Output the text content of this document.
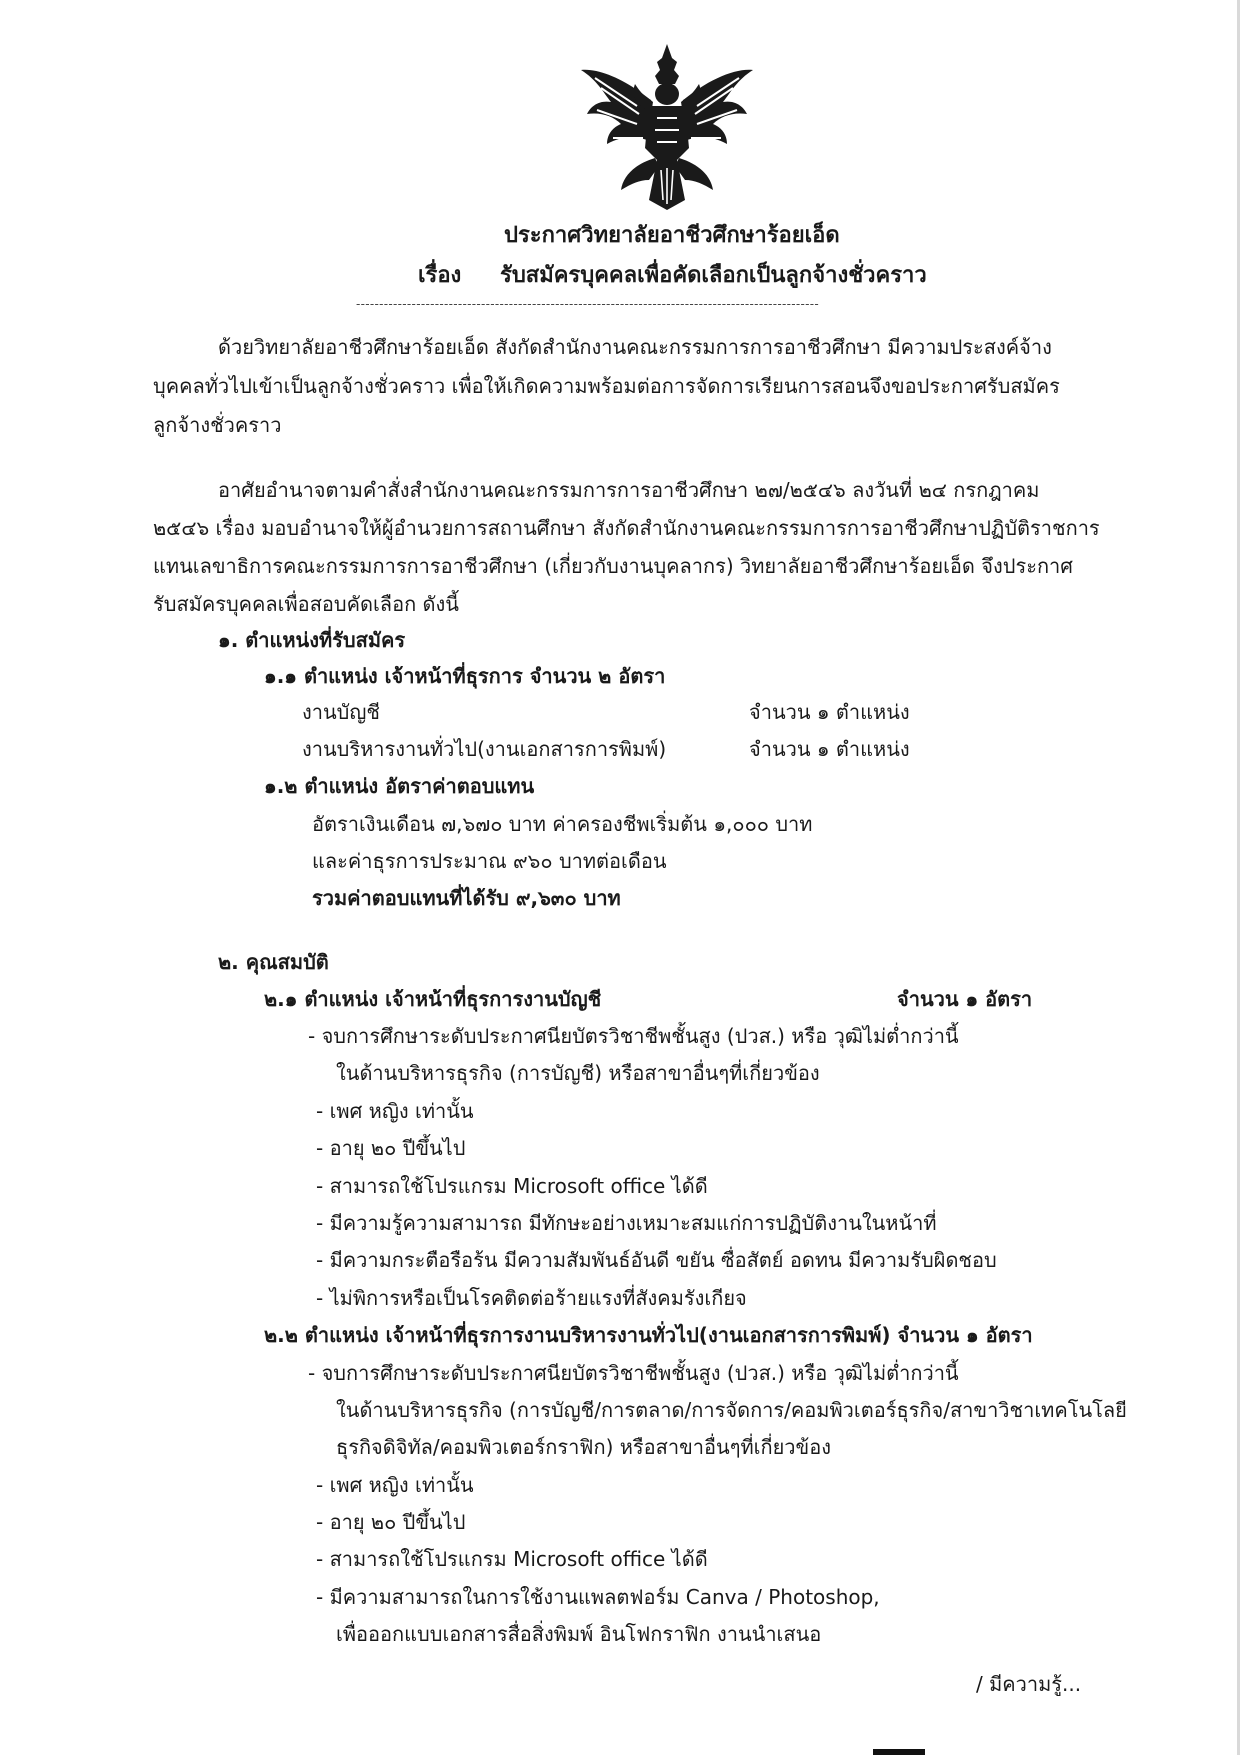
ประกาศวิทยาลัยอาชีวศึกษาร้อยเอ็ด
เรื่อง รับสมัครบุคคลเพื่อคัดเลือกเป็นลูกจ้างชั่วคราว
----------------------------------------------------------------------------------------------------
ด้วยวิทยาลัยอาชีวศึกษาร้อยเอ็ด สังกัดสำนักงานคณะกรรมการการอาชีวศึกษา มีความประสงค์จ้าง
บุคคลทั่วไปเข้าเป็นลูกจ้างชั่วคราว เพื่อให้เกิดความพร้อมต่อการจัดการเรียนการสอนจึงขอประกาศรับสมัคร
ลูกจ้างชั่วคราว
อาศัยอำนาจตามคำสั่งสำนักงานคณะกรรมการการอาชีวศึกษา ๒๗/๒๕๔๖ ลงวันที่ ๒๔ กรกฎาคม
๒๕๔๖ เรื่อง มอบอำนาจให้ผู้อำนวยการสถานศึกษา สังกัดสำนักงานคณะกรรมการการอาชีวศึกษาปฏิบัติราชการ
แทนเลขาธิการคณะกรรมการการอาชีวศึกษา (เกี่ยวกับงานบุคลากร) วิทยาลัยอาชีวศึกษาร้อยเอ็ด จึงประกาศ
รับสมัครบุคคลเพื่อสอบคัดเลือก ดังนี้
๑. ตำแหน่งที่รับสมัคร
๑.๑ ตำแหน่ง เจ้าหน้าที่ธุรการ จำนวน ๒ อัตรา
งานบัญชี	จำนวน ๑ ตำแหน่ง
งานบริหารงานทั่วไป(งานเอกสารการพิมพ์)	จำนวน ๑ ตำแหน่ง
๑.๒ ตำแหน่ง อัตราค่าตอบแทน
อัตราเงินเดือน ๗,๖๗๐ บาท ค่าครองชีพเริ่มต้น ๑,๐๐๐ บาท
และค่าธุรการประมาณ ๙๖๐ บาทต่อเดือน
รวมค่าตอบแทนที่ได้รับ ๙,๖๓๐ บาท
๒. คุณสมบัติ
๒.๑ ตำแหน่ง เจ้าหน้าที่ธุรการงานบัญชี	จำนวน ๑ อัตรา
- จบการศึกษาระดับประกาศนียบัตรวิชาชีพชั้นสูง (ปวส.) หรือ วุฒิไม่ต่ำกว่านี้
ในด้านบริหารธุรกิจ (การบัญชี) หรือสาขาอื่นๆที่เกี่ยวข้อง
- เพศ หญิง เท่านั้น
- อายุ ๒๐ ปีขึ้นไป
- สามารถใช้โปรแกรม Microsoft office ได้ดี
- มีความรู้ความสามารถ มีทักษะอย่างเหมาะสมแก่การปฏิบัติงานในหน้าที่
- มีความกระตือรือร้น มีความสัมพันธ์อันดี ขยัน ซื่อสัตย์ อดทน มีความรับผิดชอบ
- ไม่พิการหรือเป็นโรคติดต่อร้ายแรงที่สังคมรังเกียจ
๒.๒ ตำแหน่ง เจ้าหน้าที่ธุรการงานบริหารงานทั่วไป(งานเอกสารการพิมพ์) จำนวน ๑ อัตรา
- จบการศึกษาระดับประกาศนียบัตรวิชาชีพชั้นสูง (ปวส.) หรือ วุฒิไม่ต่ำกว่านี้
ในด้านบริหารธุรกิจ (การบัญชี/การตลาด/การจัดการ/คอมพิวเตอร์ธุรกิจ/สาขาวิชาเทคโนโลยี
ธุรกิจดิจิทัล/คอมพิวเตอร์กราฟิก) หรือสาขาอื่นๆที่เกี่ยวข้อง
- เพศ หญิง เท่านั้น
- อายุ ๒๐ ปีขึ้นไป
- สามารถใช้โปรแกรม Microsoft office ได้ดี
- มีความสามารถในการใช้งานแพลตฟอร์ม Canva / Photoshop,
เพื่อออกแบบเอกสารสื่อสิ่งพิมพ์ อินโฟกราฟิก งานนำเสนอ
/ มีความรู้...
